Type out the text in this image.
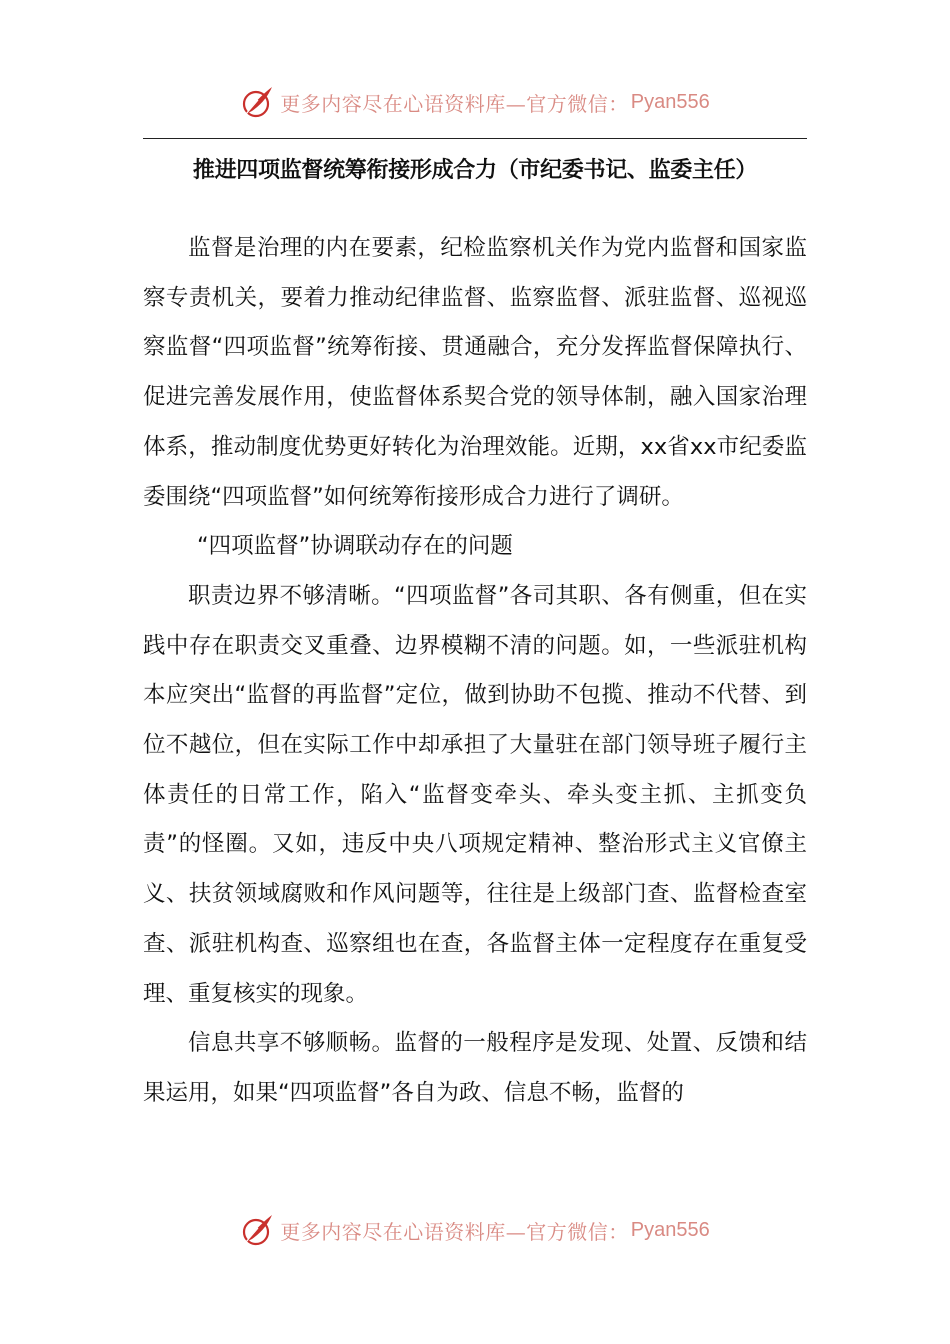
更多内容尽在心语资料库—官方微信： Pyan556
推进四项监督统筹衔接形成合力（市纪委书记、监委主任）

监督是治理的内在要素，纪检监察机关作为党内监督和国家监察专责机关，要着力推动纪律监督、监察监督、派驻监督、巡视巡察监督“四项监督”统筹衔接、贯通融合，充分发挥监督保障执行、促进完善发展作用，使监督体系契合党的领导体制，融入国家治理体系，推动制度优势更好转化为治理效能。近期，xx省xx市纪委监委围绕“四项监督”如何统筹衔接形成合力进行了调研。

“四项监督”协调联动存在的问题

职责边界不够清晰。“四项监督”各司其职、各有侧重，但在实践中存在职责交叉重叠、边界模糊不清的问题。如，一些派驻机构本应突出“监督的再监督”定位，做到协助不包揽、推动不代替、到位不越位，但在实际工作中却承担了大量驻在部门领导班子履行主体责任的日常工作，陷入“监督变牵头、牵头变主抓、主抓变负责”的怪圈。又如，违反中央八项规定精神、整治形式主义官僚主义、扶贫领域腐败和作风问题等，往往是上级部门查、监督检查室查、派驻机构查、巡察组也在查，各监督主体一定程度存在重复受理、重复核实的现象。

信息共享不够顺畅。监督的一般程序是发现、处置、反馈和结果运用，如果“四项监督”各自为政、信息不畅，监督的

更多内容尽在心语资料库—官方微信： Pyan556
